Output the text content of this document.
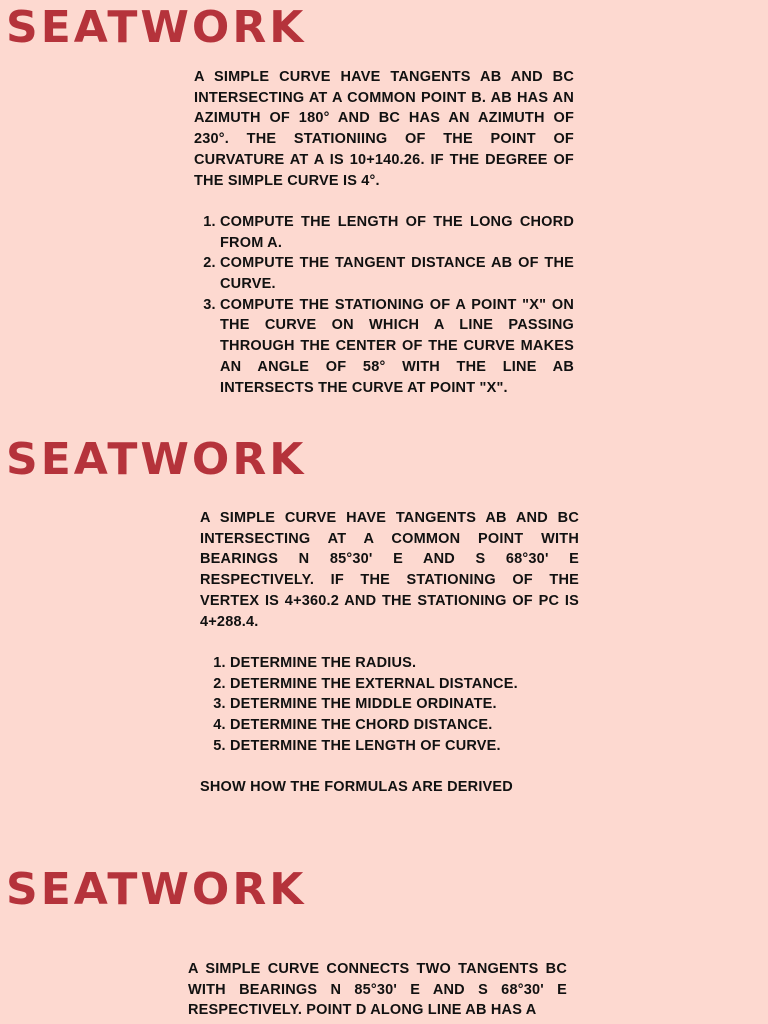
SEATWORK

A SIMPLE CURVE HAVE TANGENTS AB AND BC INTERSECTING AT A COMMON POINT B. AB HAS AN AZIMUTH OF 180° AND BC HAS AN AZIMUTH OF 230°. THE STATIONIING OF THE POINT OF CURVATURE AT A IS 10+140.26. IF THE DEGREE OF THE SIMPLE CURVE IS 4°.

1. COMPUTE THE LENGTH OF THE LONG CHORD FROM A.
2. COMPUTE THE TANGENT DISTANCE AB OF THE CURVE.
3. COMPUTE THE STATIONING OF A POINT "X" ON THE CURVE ON WHICH A LINE PASSING THROUGH THE CENTER OF THE CURVE MAKES AN ANGLE OF 58° WITH THE LINE AB INTERSECTS THE CURVE AT POINT "X".
SEATWORK

A SIMPLE CURVE HAVE TANGENTS AB AND BC INTERSECTING AT A COMMON POINT WITH BEARINGS N 85°30' E AND S 68°30' E RESPECTIVELY. IF THE STATIONING OF THE VERTEX IS 4+360.2 AND THE STATIONING OF PC IS 4+288.4.

1. DETERMINE THE RADIUS.
2. DETERMINE THE EXTERNAL DISTANCE.
3. DETERMINE THE MIDDLE ORDINATE.
4. DETERMINE THE CHORD DISTANCE.
5. DETERMINE THE LENGTH OF CURVE.

SHOW HOW THE FORMULAS ARE DERIVED

SEATWORK

A SIMPLE CURVE CONNECTS TWO TANGENTS BC WITH BEARINGS N 85°30' E AND S 68°30' E RESPECTIVELY. POINT D ALONG LINE AB HAS A
